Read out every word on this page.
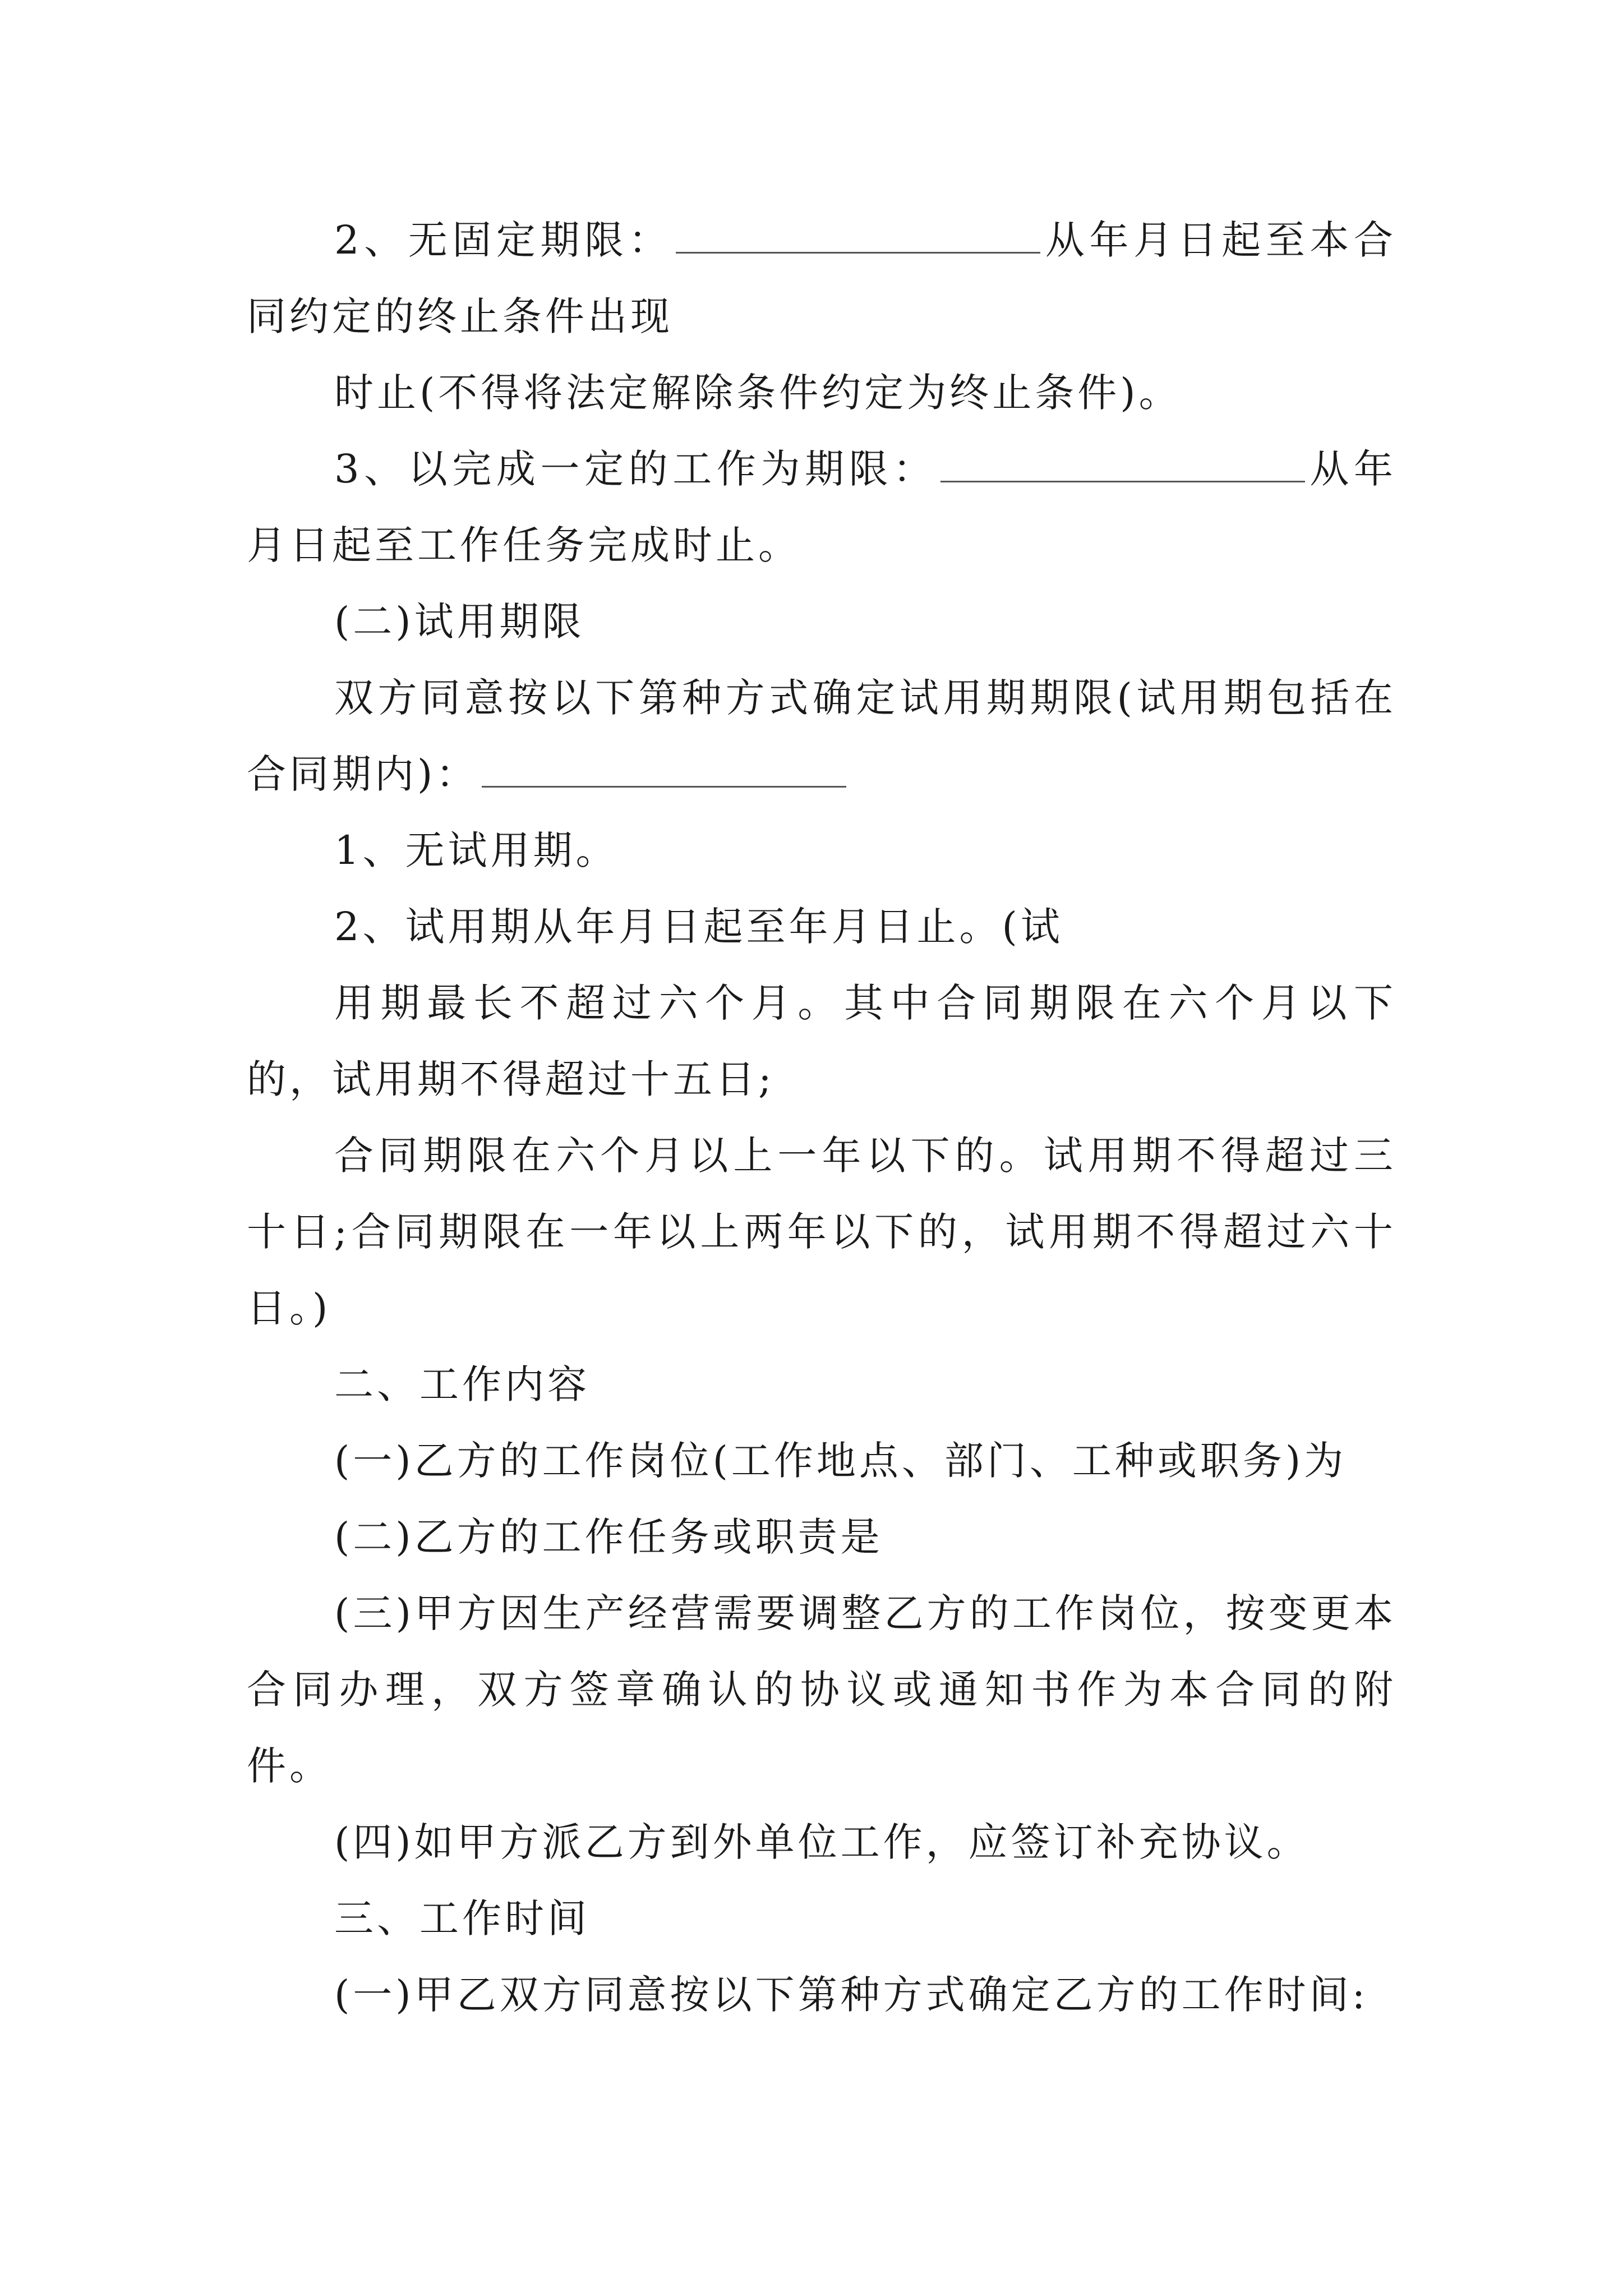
2、无固定期限：	从年月日起至本合同约定的终止条件出现

时止(不得将法定解除条件约定为终止条件)。

3、以完成一定的工作为期限：	从年月日起至工作任务完成时止。

(二)试用期限

双方同意按以下第种方式确定试用期期限(试用期包括在合同期内)：

1、无试用期。

2、试用期从年月日起至年月日止。(试

用期最长不超过六个月。其中合同期限在六个月以下的，试用期不得超过十五日;

合同期限在六个月以上一年以下的。试用期不得超过三十日;合同期限在一年以上两年以下的，试用期不得超过六十日。)

二、工作内容

(一)乙方的工作岗位(工作地点、部门、工种或职务)为

(二)乙方的工作任务或职责是

(三)甲方因生产经营需要调整乙方的工作岗位，按变更本合同办理，双方签章确认的协议或通知书作为本合同的附件。

(四)如甲方派乙方到外单位工作，应签订补充协议。

三、工作时间

(一)甲乙双方同意按以下第种方式确定乙方的工作时间:
